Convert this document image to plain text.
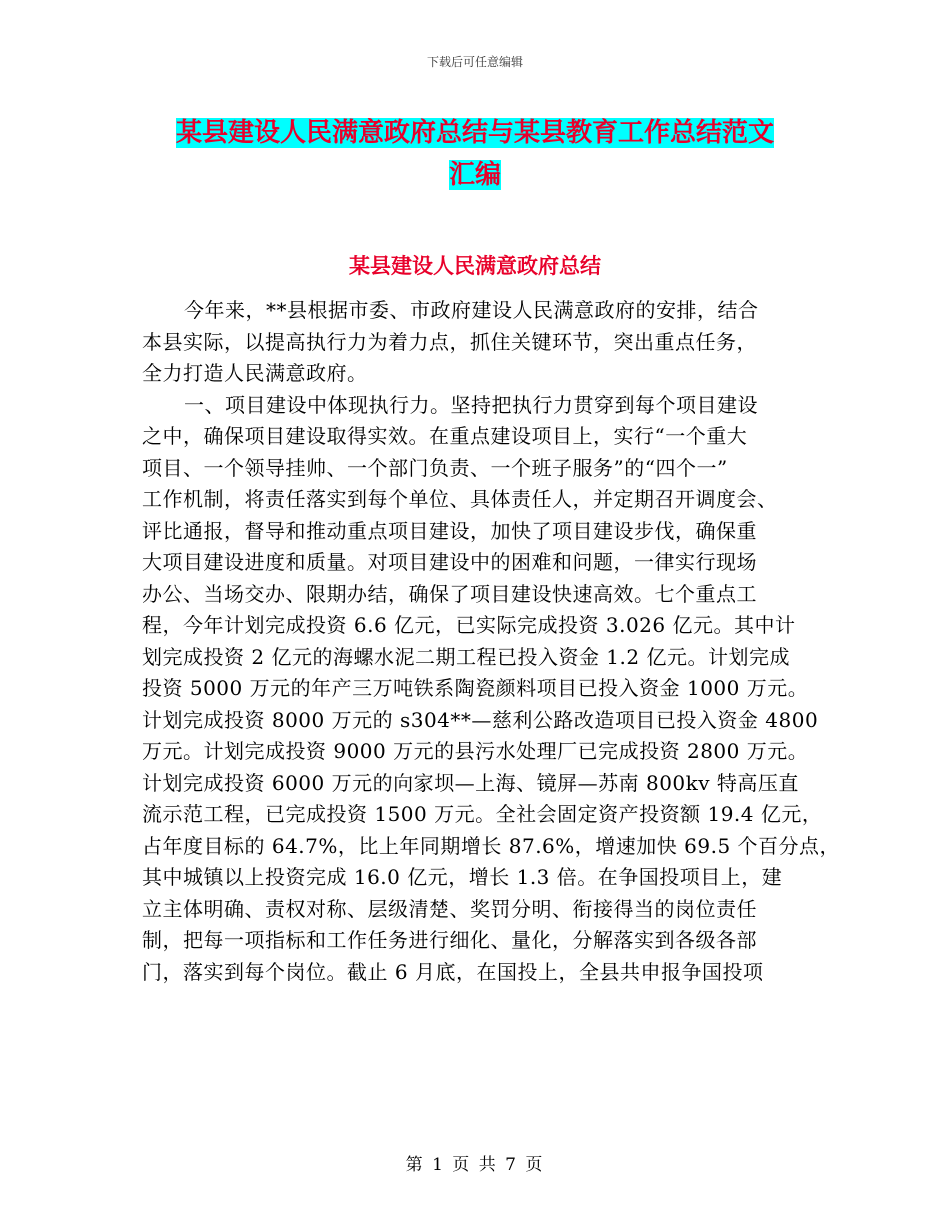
下载后可任意编辑
某县建设人民满意政府总结与某县教育工作总结范文
汇编
某县建设人民满意政府总结
今年来，**县根据市委、市政府建设人民满意政府的安排，结合
本县实际，以提高执行力为着力点，抓住关键环节，突出重点任务，
全力打造人民满意政府。
一、项目建设中体现执行力。坚持把执行力贯穿到每个项目建设
之中，确保项目建设取得实效。在重点建设项目上，实行“一个重大
项目、一个领导挂帅、一个部门负责、一个班子服务”的“四个一”
工作机制，将责任落实到每个单位、具体责任人，并定期召开调度会、
评比通报，督导和推动重点项目建设，加快了项目建设步伐，确保重
大项目建设进度和质量。对项目建设中的困难和问题，一律实行现场
办公、当场交办、限期办结，确保了项目建设快速高效。七个重点工
程，今年计划完成投资 6.6 亿元，已实际完成投资 3.026 亿元。其中计
划完成投资 2 亿元的海螺水泥二期工程已投入资金 1.2 亿元。计划完成
投资 5000 万元的年产三万吨铁系陶瓷颜料项目已投入资金 1000 万元。
计划完成投资 8000 万元的 s304**—慈利公路改造项目已投入资金 4800
万元。计划完成投资 9000 万元的县污水处理厂已完成投资 2800 万元。
计划完成投资 6000 万元的向家坝—上海、镜屏—苏南 800kv 特高压直
流示范工程，已完成投资 1500 万元。全社会固定资产投资额 19.4 亿元，
占年度目标的 64.7%，比上年同期增长 87.6%，增速加快 69.5 个百分点，
其中城镇以上投资完成 16.0 亿元，增长 1.3 倍。在争国投项目上，建
立主体明确、责权对称、层级清楚、奖罚分明、衔接得当的岗位责任
制，把每一项指标和工作任务进行细化、量化，分解落实到各级各部
门，落实到每个岗位。截止 6 月底，在国投上，全县共申报争国投项
第 1 页 共 7 页
